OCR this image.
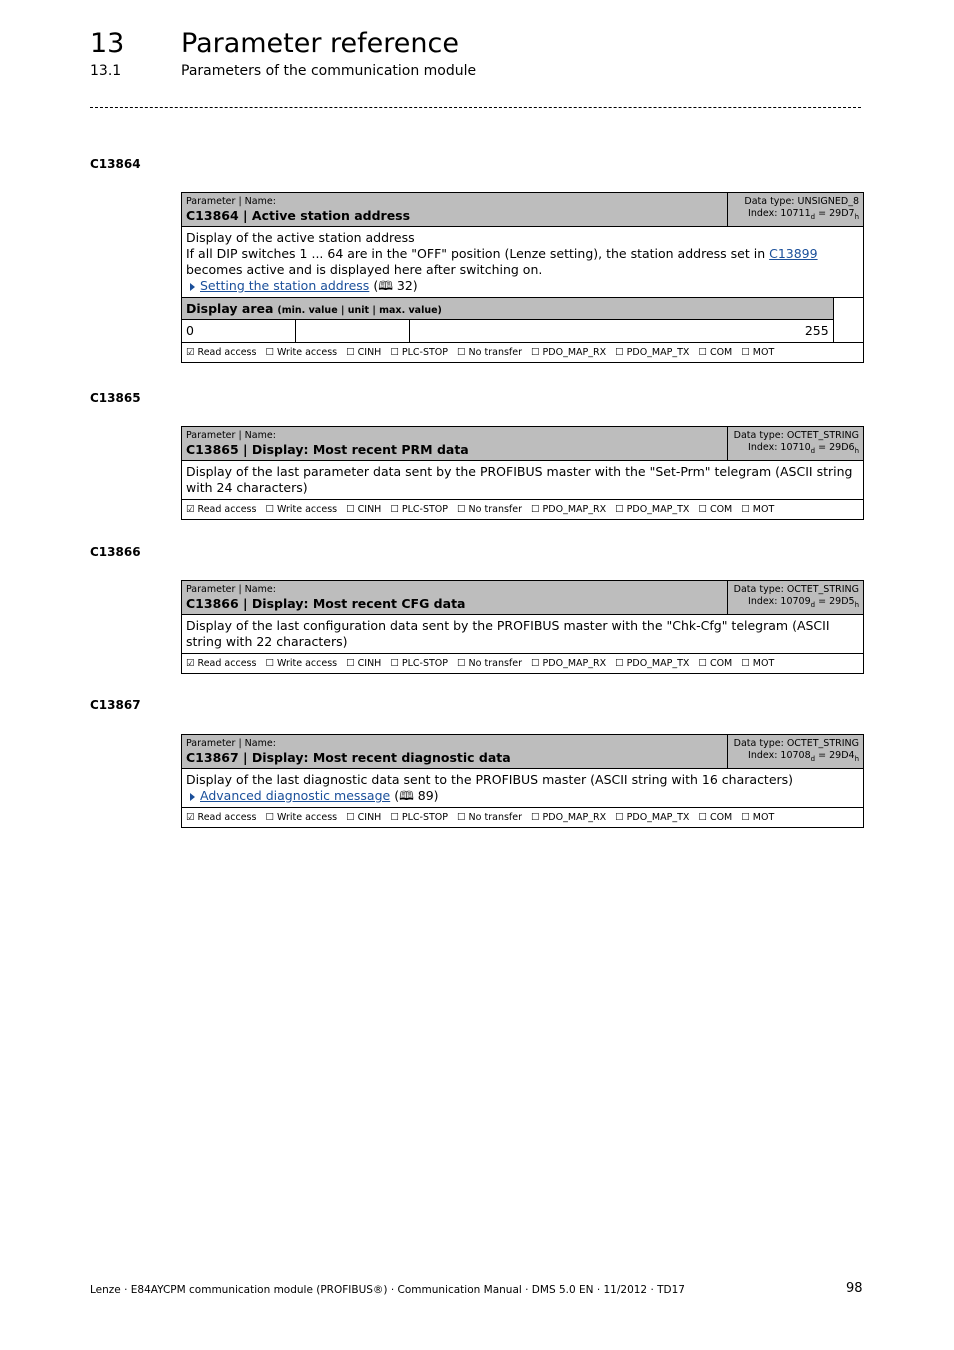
13 Parameter reference
13.1	Parameters of the communication module
C13864
Parameter | Name:
C13864 | Active station address

Data type: UNSIGNED_8
Index: $10711_d = 29D7_h$

Display of the active station address
If all DIP switches 1 ... 64 are in the "OFF" position (Lenze setting), the station address set in C13899 becomes active and is displayed here after switching on.
Setting the station address (🕮 32)

Display area (min. value | unit | max. value)	
0		255

☑ Read access ☐ Write access ☐ CINH ☐ PLC-STOP ☐ No transfer ☐ PDO_MAP_RX ☐ PDO_MAP_TX ☐ COM ☐ MOT
C13865
Parameter | Name:
C13865 | Display: Most recent PRM data

Data type: OCTET_STRING
Index: $10710_d = 29D6_h$

Display of the last parameter data sent by the PROFIBUS master with the "Set-Prm" telegram (ASCII string with 24 characters)
☑ Read access ☐ Write access ☐ CINH ☐ PLC-STOP ☐ No transfer ☐ PDO_MAP_RX ☐ PDO_MAP_TX ☐ COM ☐ MOT
C13866
Parameter | Name:
C13866 | Display: Most recent CFG data

Data type: OCTET_STRING
Index: $10709_d = 29D5_h$

Display of the last configuration data sent by the PROFIBUS master with the "Chk-Cfg" telegram (ASCII string with 22 characters)
☑ Read access ☐ Write access ☐ CINH ☐ PLC-STOP ☐ No transfer ☐ PDO_MAP_RX ☐ PDO_MAP_TX ☐ COM ☐ MOT
C13867
Parameter | Name:
C13867 | Display: Most recent diagnostic data

Data type: OCTET_STRING
Index: $10708_d = 29D4_h$

Display of the last diagnostic data sent to the PROFIBUS master (ASCII string with 16 characters)
Advanced diagnostic message (🕮 89)

☑ Read access ☐ Write access ☐ CINH ☐ PLC-STOP ☐ No transfer ☐ PDO_MAP_RX ☐ PDO_MAP_TX ☐ COM ☐ MOT
Lenze · E84AYCPM communication module (PROFIBUS®) · Communication Manual · DMS 5.0 EN · 11/2012 · TD17	98
